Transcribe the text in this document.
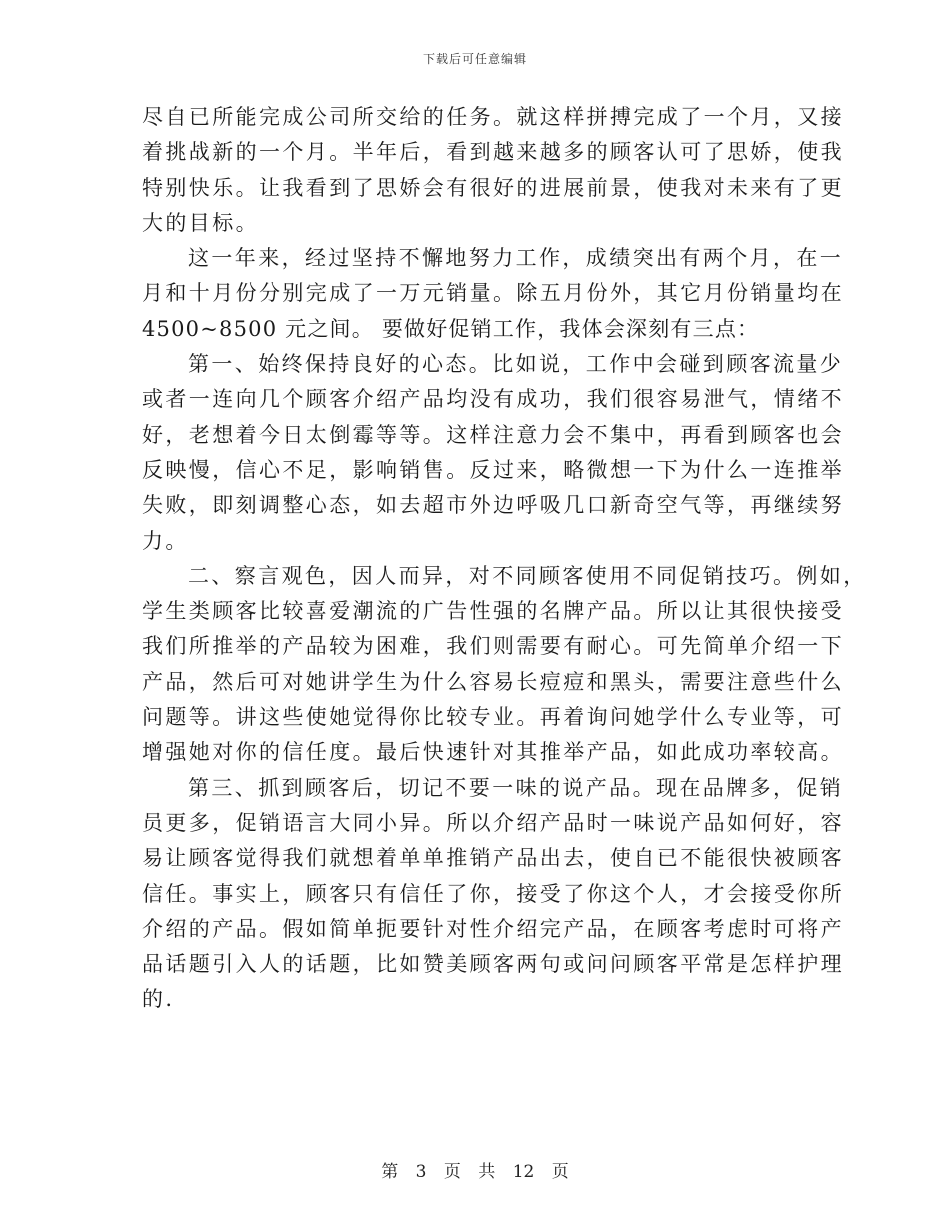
下载后可任意编辑
尽自已所能完成公司所交给的任务。就这样拼搏完成了一个月，又接
着挑战新的一个月。半年后，看到越来越多的顾客认可了思娇，使我
特别快乐。让我看到了思娇会有很好的进展前景，使我对未来有了更
大的目标。
这一年来，经过坚持不懈地努力工作，成绩突出有两个月，在一
月和十月份分别完成了一万元销量。除五月份外，其它月份销量均在
4500~8500 元之间。 要做好促销工作，我体会深刻有三点：
第一、始终保持良好的心态。比如说，工作中会碰到顾客流量少
或者一连向几个顾客介绍产品均没有成功，我们很容易泄气，情绪不
好，老想着今日太倒霉等等。这样注意力会不集中，再看到顾客也会
反映慢，信心不足，影响销售。反过来，略微想一下为什么一连推举
失败，即刻调整心态，如去超市外边呼吸几口新奇空气等，再继续努
力。
二、察言观色，因人而异，对不同顾客使用不同促销技巧。例如，
学生类顾客比较喜爱潮流的广告性强的名牌产品。所以让其很快接受
我们所推举的产品较为困难，我们则需要有耐心。可先简单介绍一下
产品，然后可对她讲学生为什么容易长痘痘和黑头，需要注意些什么
问题等。讲这些使她觉得你比较专业。再着询问她学什么专业等，可
增强她对你的信任度。最后快速针对其推举产品，如此成功率较高。
第三、抓到顾客后，切记不要一味的说产品。现在品牌多，促销
员更多，促销语言大同小异。所以介绍产品时一味说产品如何好，容
易让顾客觉得我们就想着单单推销产品出去，使自已不能很快被顾客
信任。事实上，顾客只有信任了你，接受了你这个人，才会接受你所
介绍的产品。假如简单扼要针对性介绍完产品，在顾客考虑时可将产
品话题引入人的话题，比如赞美顾客两句或问问顾客平常是怎样护理
的.
第 3 页 共 12 页
